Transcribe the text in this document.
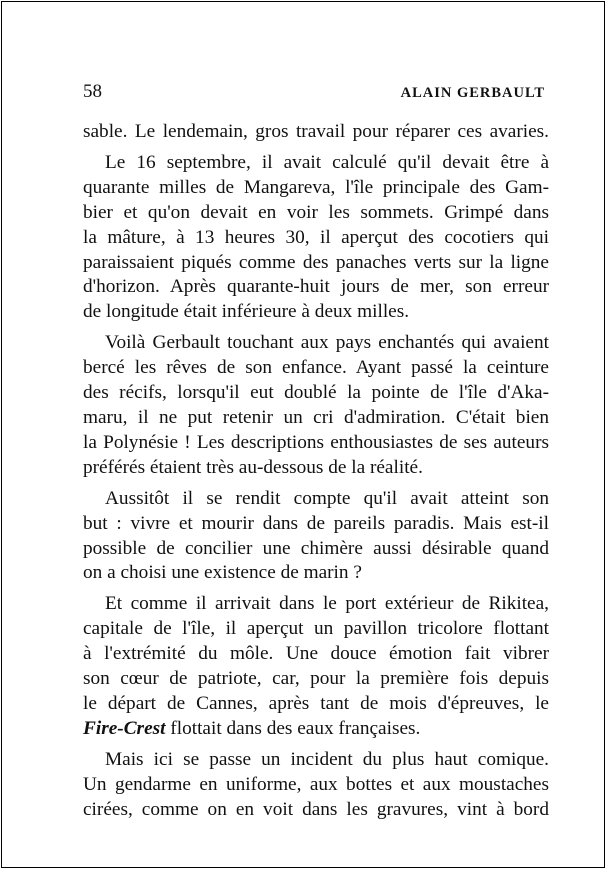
58	ALAIN GERBAULT

sable. Le lendemain, gros travail pour réparer ces avaries.

Le 16 septembre, il avait calculé qu'il devait être à
quarante milles de Mangareva, l'île principale des Gam-
bier et qu'on devait en voir les sommets. Grimpé dans
la mâture, à 13 heures 30, il aperçut des cocotiers qui
paraissaient piqués comme des panaches verts sur la ligne
d'horizon. Après quarante-huit jours de mer, son erreur
de longitude était inférieure à deux milles.

Voilà Gerbault touchant aux pays enchantés qui avaient
bercé les rêves de son enfance. Ayant passé la ceinture
des récifs, lorsqu'il eut doublé la pointe de l'île d'Aka-
maru, il ne put retenir un cri d'admiration. C'était bien
la Polynésie ! Les descriptions enthousiastes de ses auteurs
préférés étaient très au-dessous de la réalité.

Aussitôt il se rendit compte qu'il avait atteint son
but : vivre et mourir dans de pareils paradis. Mais est-il
possible de concilier une chimère aussi désirable quand
on a choisi une existence de marin ?

Et comme il arrivait dans le port extérieur de Rikitea,
capitale de l'île, il aperçut un pavillon tricolore flottant
à l'extrémité du môle. Une douce émotion fait vibrer
son cœur de patriote, car, pour la première fois depuis
le départ de Cannes, après tant de mois d'épreuves, le
Fire-Crest flottait dans des eaux françaises.

Mais ici se passe un incident du plus haut comique.
Un gendarme en uniforme, aux bottes et aux moustaches
cirées, comme on en voit dans les gravures, vint à bord
